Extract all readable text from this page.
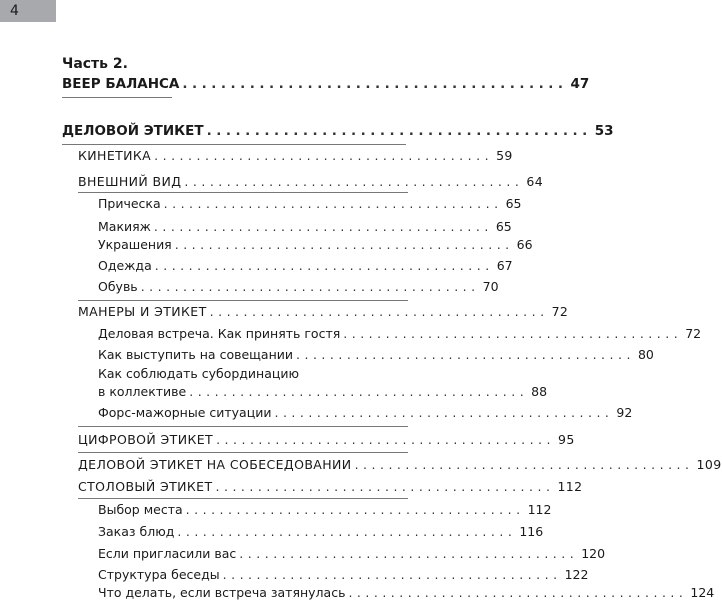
4
Часть 2.
ВЕЕР БАЛАНСА ........................................ 47
ДЕЛОВОЙ ЭТИКЕТ ........................................ 53
КИНЕТИКА ........................................ 59
ВНЕШНИЙ ВИД ........................................ 64
Прическа ........................................ 65
Макияж ........................................ 65
Украшения ........................................ 66
Одежда ........................................ 67
Обувь ........................................ 70
МАНЕРЫ И ЭТИКЕТ ........................................ 72
Деловая встреча. Как принять гостя ........................................ 72
Как выступить на совещании ........................................ 80
Как соблюдать субординацию
в коллективе ........................................ 88
Форс-мажорные ситуации ........................................ 92
ЦИФРОВОЙ ЭТИКЕТ ........................................ 95
ДЕЛОВОЙ ЭТИКЕТ НА СОБЕСЕДОВАНИИ ........................................ 109
СТОЛОВЫЙ ЭТИКЕТ ........................................ 112
Выбор места ........................................ 112
Заказ блюд ........................................ 116
Если пригласили вас ........................................ 120
Структура беседы ........................................ 122
Что делать, если встреча затянулась ........................................ 124
